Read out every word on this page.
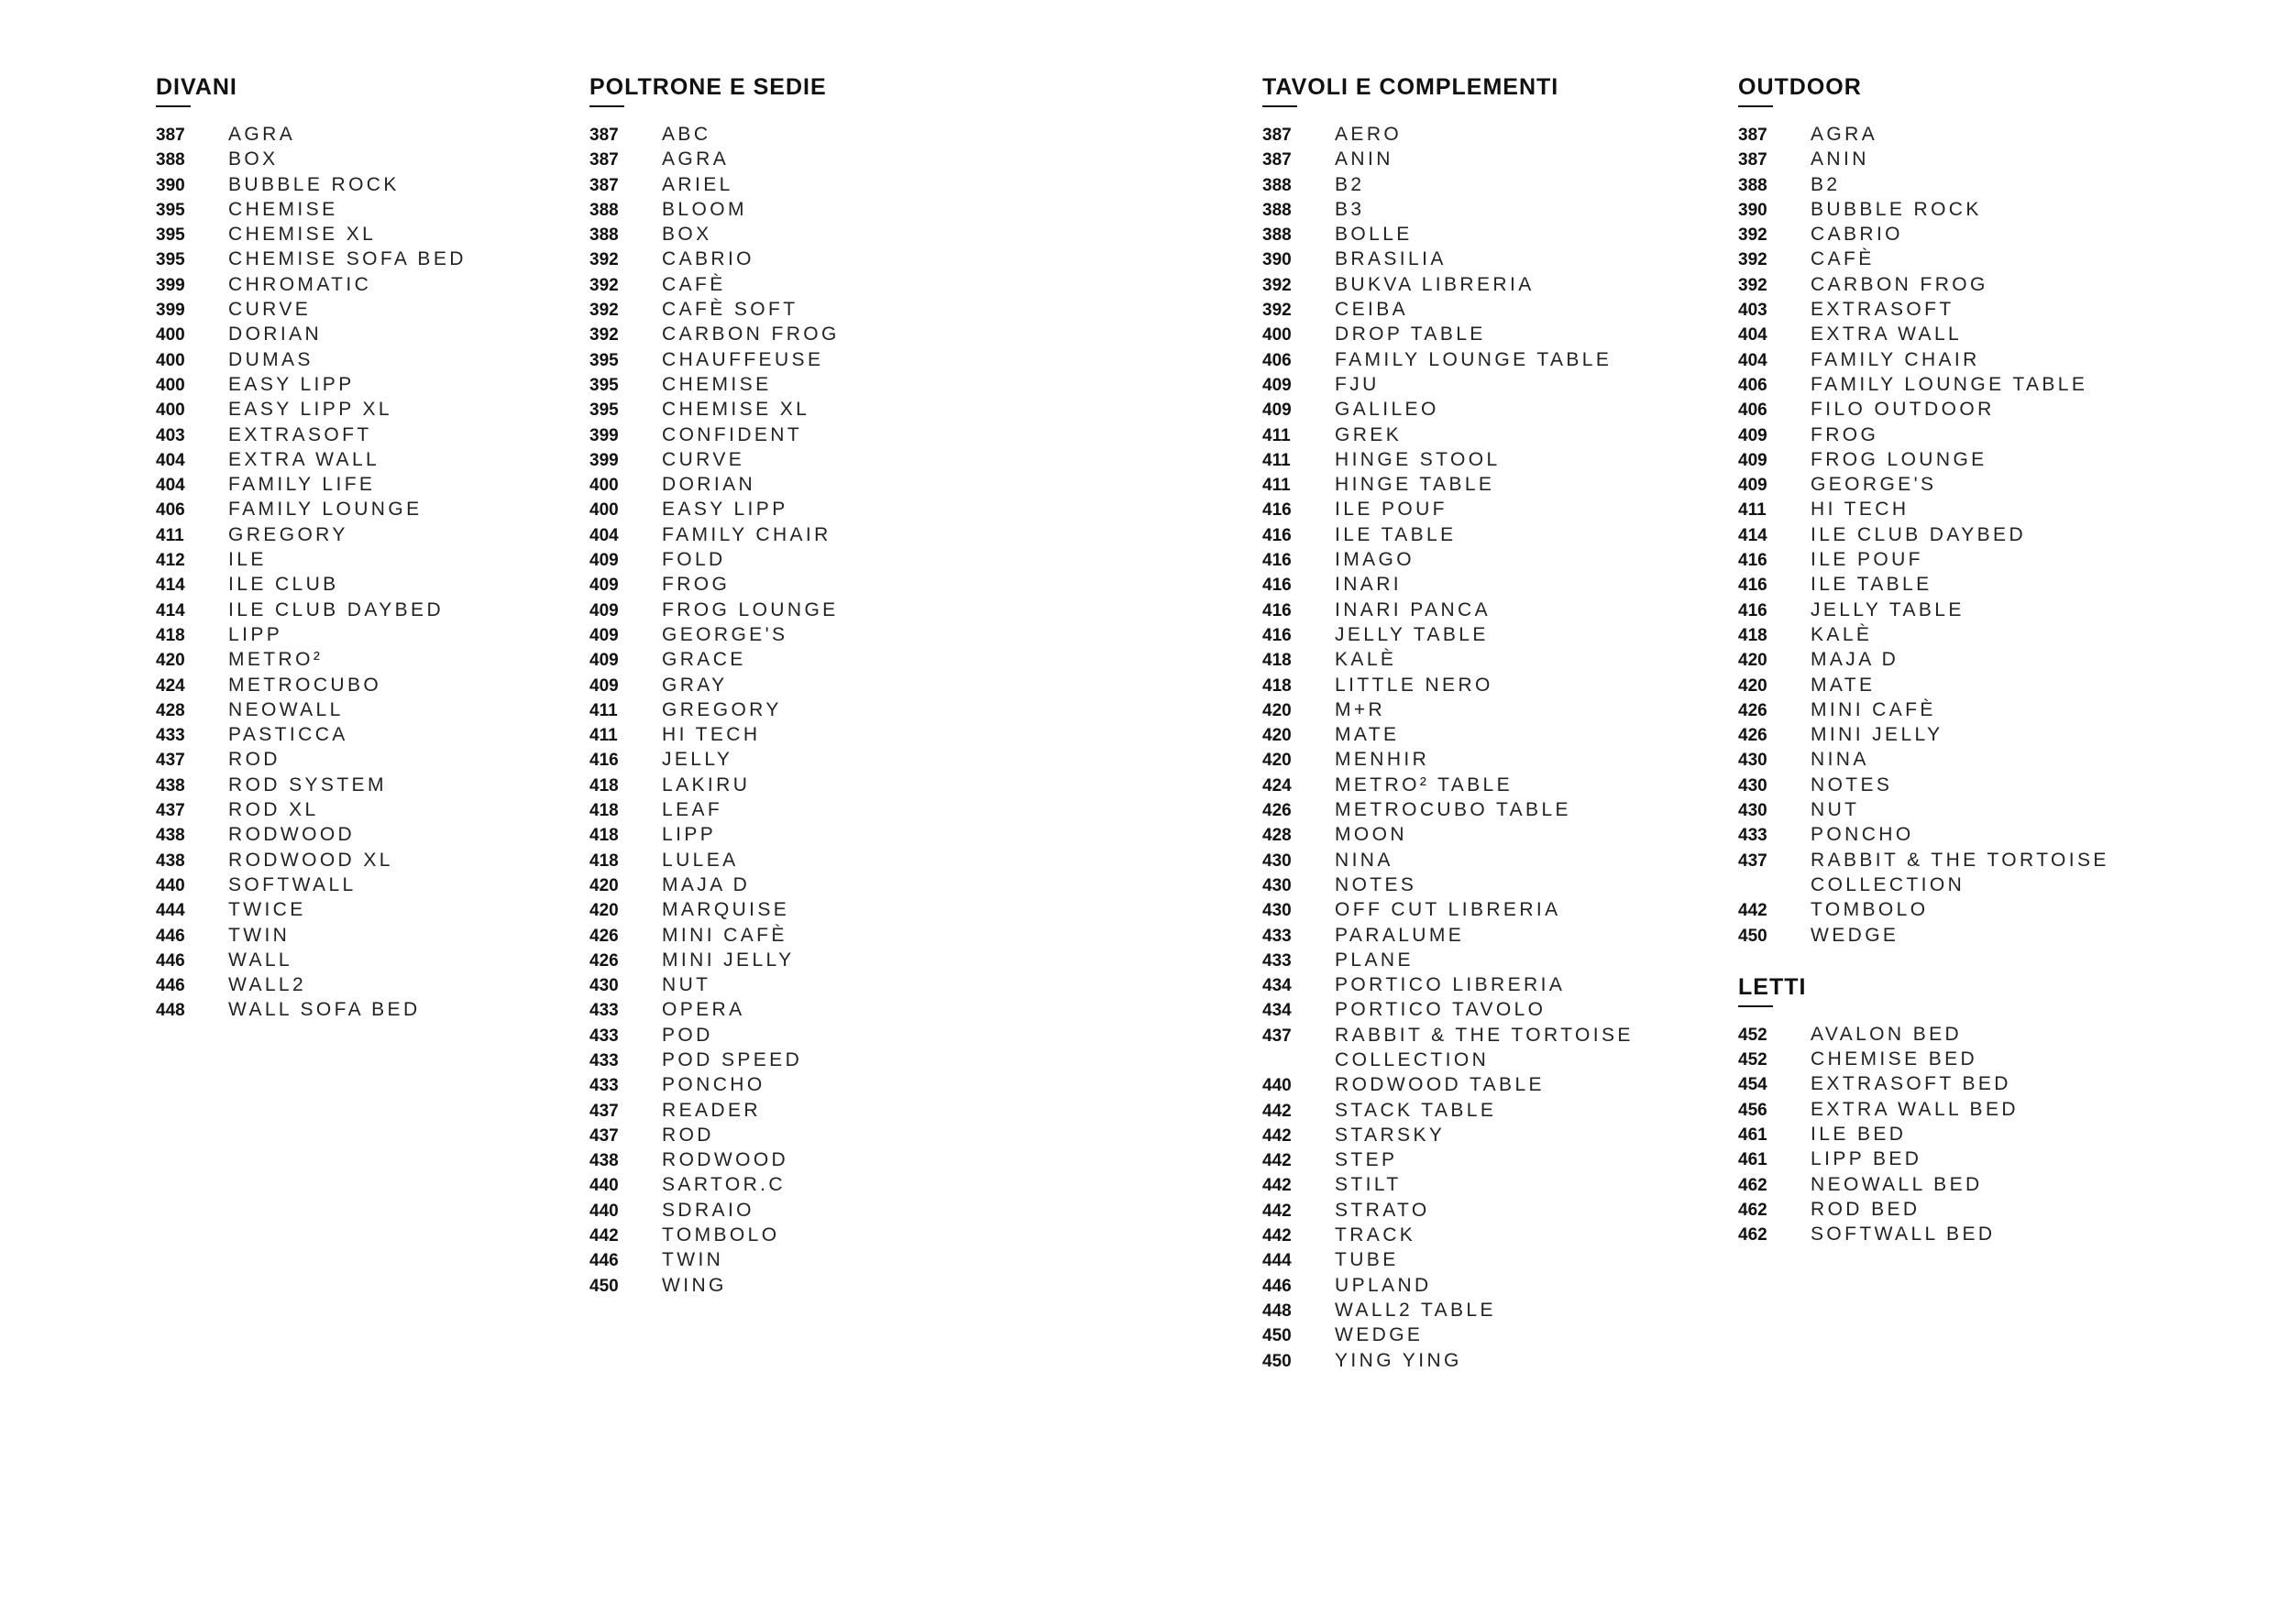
DIVANI
387	AGRA
388	BOX
390	BUBBLE ROCK
395	CHEMISE
395	CHEMISE XL
395	CHEMISE SOFA BED
399	CHROMATIC
399	CURVE
400	DORIAN
400	DUMAS
400	EASY LIPP
400	EASY LIPP XL
403	EXTRASOFT
404	EXTRA WALL
404	FAMILY LIFE
406	FAMILY LOUNGE
411	GREGORY
412	ILE
414	ILE CLUB
414	ILE CLUB DAYBED
418	LIPP
420	METRO²
424	METROCUBO
428	NEOWALL
433	PASTICCA
437	ROD
438	ROD SYSTEM
437	ROD XL
438	RODWOOD
438	RODWOOD XL
440	SOFTWALL
444	TWICE
446	TWIN
446	WALL
446	WALL2
448	WALL SOFA BED
POLTRONE E SEDIE
387	ABC
387	AGRA
387	ARIEL
388	BLOOM
388	BOX
392	CABRIO
392	CAFÈ
392	CAFÈ SOFT
392	CARBON FROG
395	CHAUFFEUSE
395	CHEMISE
395	CHEMISE XL
399	CONFIDENT
399	CURVE
400	DORIAN
400	EASY LIPP
404	FAMILY CHAIR
409	FOLD
409	FROG
409	FROG LOUNGE
409	GEORGE'S
409	GRACE
409	GRAY
411	GREGORY
411	HI TECH
416	JELLY
418	LAKIRU
418	LEAF
418	LIPP
418	LULEA
420	MAJA D
420	MARQUISE
426	MINI CAFÈ
426	MINI JELLY
430	NUT
433	OPERA
433	POD
433	POD SPEED
433	PONCHO
437	READER
437	ROD
438	RODWOOD
440	SARTOR.C
440	SDRAIO
442	TOMBOLO
446	TWIN
450	WING
TAVOLI E COMPLEMENTI
387	AERO
387	ANIN
388	B2
388	B3
388	BOLLE
390	BRASILIA
392	BUKVA LIBRERIA
392	CEIBA
400	DROP TABLE
406	FAMILY LOUNGE TABLE
409	FJU
409	GALILEO
411	GREK
411	HINGE STOOL
411	HINGE TABLE
416	ILE POUF
416	ILE TABLE
416	IMAGO
416	INARI
416	INARI PANCA
416	JELLY TABLE
418	KALÈ
418	LITTLE NERO
420	M+R
420	MATE
420	MENHIR
424	METRO² TABLE
426	METROCUBO TABLE
428	MOON
430	NINA
430	NOTES
430	OFF CUT LIBRERIA
433	PARALUME
433	PLANE
434	PORTICO LIBRERIA
434	PORTICO TAVOLO
437	RABBIT & THE TORTOISE
COLLECTION
440	RODWOOD TABLE
442	STACK TABLE
442	STARSKY
442	STEP
442	STILT
442	STRATO
442	TRACK
444	TUBE
446	UPLAND
448	WALL2 TABLE
450	WEDGE
450	YING YING
OUTDOOR
387	AGRA
387	ANIN
388	B2
390	BUBBLE ROCK
392	CABRIO
392	CAFÈ
392	CARBON FROG
403	EXTRASOFT
404	EXTRA WALL
404	FAMILY CHAIR
406	FAMILY LOUNGE TABLE
406	FILO OUTDOOR
409	FROG
409	FROG LOUNGE
409	GEORGE'S
411	HI TECH
414	ILE CLUB DAYBED
416	ILE POUF
416	ILE TABLE
416	JELLY TABLE
418	KALÈ
420	MAJA D
420	MATE
426	MINI CAFÈ
426	MINI JELLY
430	NINA
430	NOTES
430	NUT
433	PONCHO
437	RABBIT & THE TORTOISE
COLLECTION
442	TOMBOLO
450	WEDGE
LETTI
452	AVALON BED
452	CHEMISE BED
454	EXTRASOFT BED
456	EXTRA WALL BED
461	ILE BED
461	LIPP BED
462	NEOWALL BED
462	ROD BED
462	SOFTWALL BED
